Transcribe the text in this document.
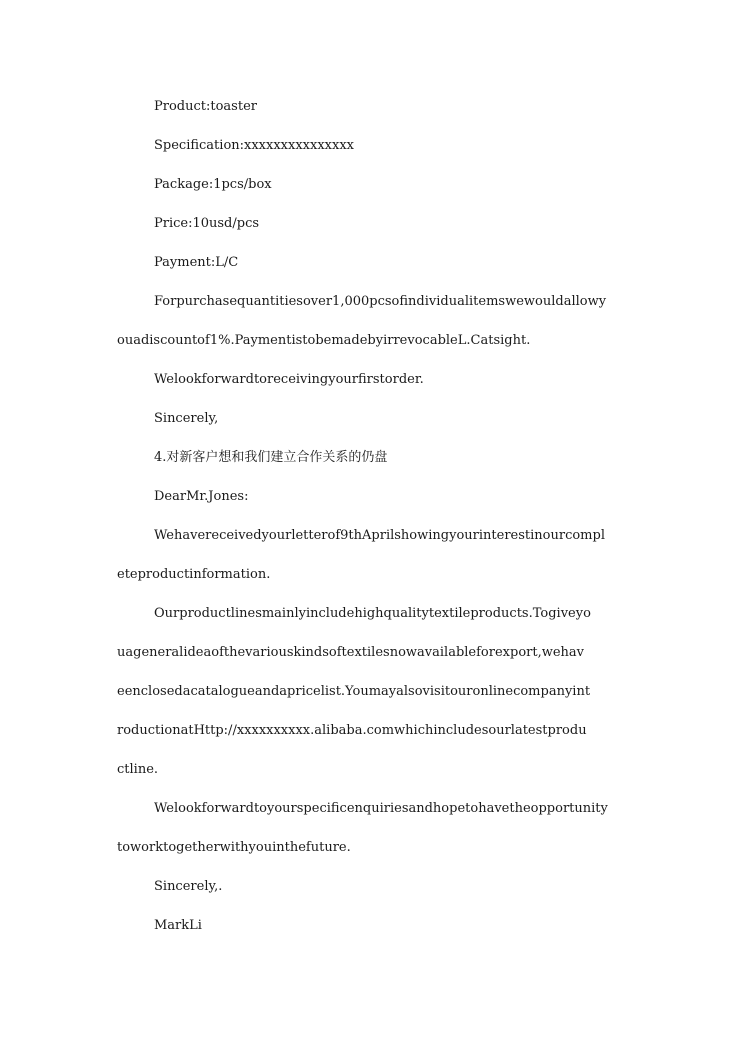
Product:toaster
Specification:xxxxxxxxxxxxxxx
Package:1pcs/box
Price:10usd/pcs
Payment:L/C
Forpurchasequantitiesover1,000pcsofindividualitemswewouldallowy
ouadiscountof1%.PaymentistobemadebyirrevocableL.Catsight.
Welookforwardtoreceivingyourfirstorder.
Sincerely,
4.对新客户想和我们建立合作关系的仍盘
DearMr.Jones:
Wehavereceivedyourletterof9thAprilshowingyourinterestinourcompl
eteproductinformation.
Ourproductlinesmainlyincludehighqualitytextileproducts.Togiveyo
uageneralideaofthevariouskindsoftextilesnowavailableforexport,wehav
eenclosedacatalogueandapricelist.Youmayalsovisitouronlinecompanyint
roductionatHttp://xxxxxxxxxx.alibaba.comwhichincludesourlatestprodu
ctline.
Welookforwardtoyourspecificenquiriesandhopetohavetheopportunity
toworktogetherwithyouinthefuture.
Sincerely,.
MarkLi
